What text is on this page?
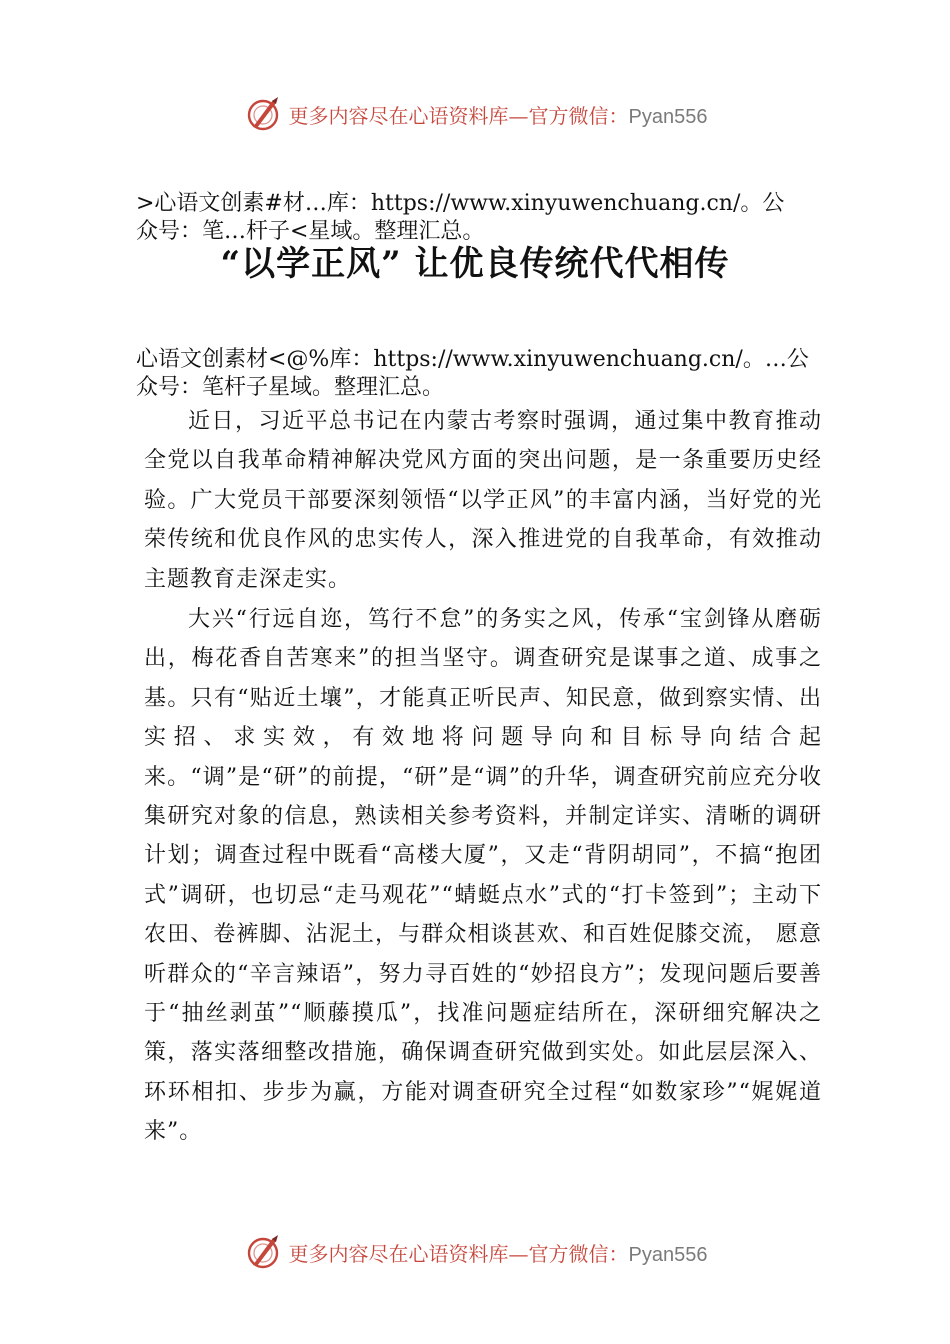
更多内容尽在心语资料库—官方微信：Pyan556

>心语文创素#材…库：https://www.xinyuwenchuang.cn/。公
众号：笔…杆子<星域。整理汇总。

“以学正风” 让优良传统代代相传

心语文创素材<@%库：https://www.xinyuwenchuang.cn/。…公
众号：笔杆子星域。整理汇总。

近日，习近平总书记在内蒙古考察时强调，通过集中教育推动全党以自我革命精神解决党风方面的突出问题，是一条重要历史经验。广大党员干部要深刻领悟“以学正风”的丰富内涵，当好党的光荣传统和优良作风的忠实传人，深入推进党的自我革命，有效推动主题教育走深走实。

大兴“行远自迩，笃行不怠”的务实之风，传承“宝剑锋从磨砺出，梅花香自苦寒来”的担当坚守。调查研究是谋事之道、成事之基。只有“贴近土壤”，才能真正听民声、知民意，做到察实情、出实招、求实效，有效地将问题导向和目标导向结合起来。“调”是“研”的前提，“研”是“调”的升华，调查研究前应充分收集研究对象的信息，熟读相关参考资料，并制定详实、清晰的调研计划；调查过程中既看“高楼大厦”，又走“背阴胡同”，不搞“抱团式”调研，也切忌“走马观花”“蜻蜓点水”式的“打卡签到”；主动下农田、卷裤脚、沾泥土，与群众相谈甚欢、和百姓促膝交流， 愿意听群众的“辛言辣语”，努力寻百姓的“妙招良方”；发现问题后要善于“抽丝剥茧”“顺藤摸瓜”，找准问题症结所在，深研细究解决之策，落实落细整改措施，确保调查研究做到实处。如此层层深入、环环相扣、步步为赢，方能对调查研究全过程“如数家珍”“娓娓道来”。

更多内容尽在心语资料库—官方微信：Pyan556
